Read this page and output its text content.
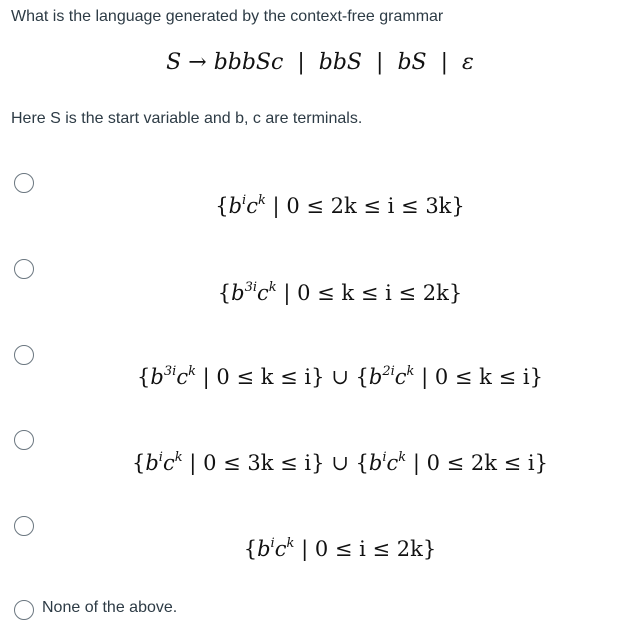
What is the language generated by the context-free grammar
S → bbbSc | bbS | bS | ε
Here S is the start variable and b, c are terminals.
{$b^ic^k$ | 0 ≤ 2k ≤ i ≤ 3k}
{$b^{3i}c^k$ | 0 ≤ k ≤ i ≤ 2k}
{$b^{3i}c^k$ | 0 ≤ k ≤ i} ∪ {$b^{2i}c^k$ | 0 ≤ k ≤ i}
{$b^ic^k$ | 0 ≤ 3k ≤ i} ∪ {$b^ic^k$ | 0 ≤ 2k ≤ i}
{$b^ic^k$ | 0 ≤ i ≤ 2k}
None of the above.
